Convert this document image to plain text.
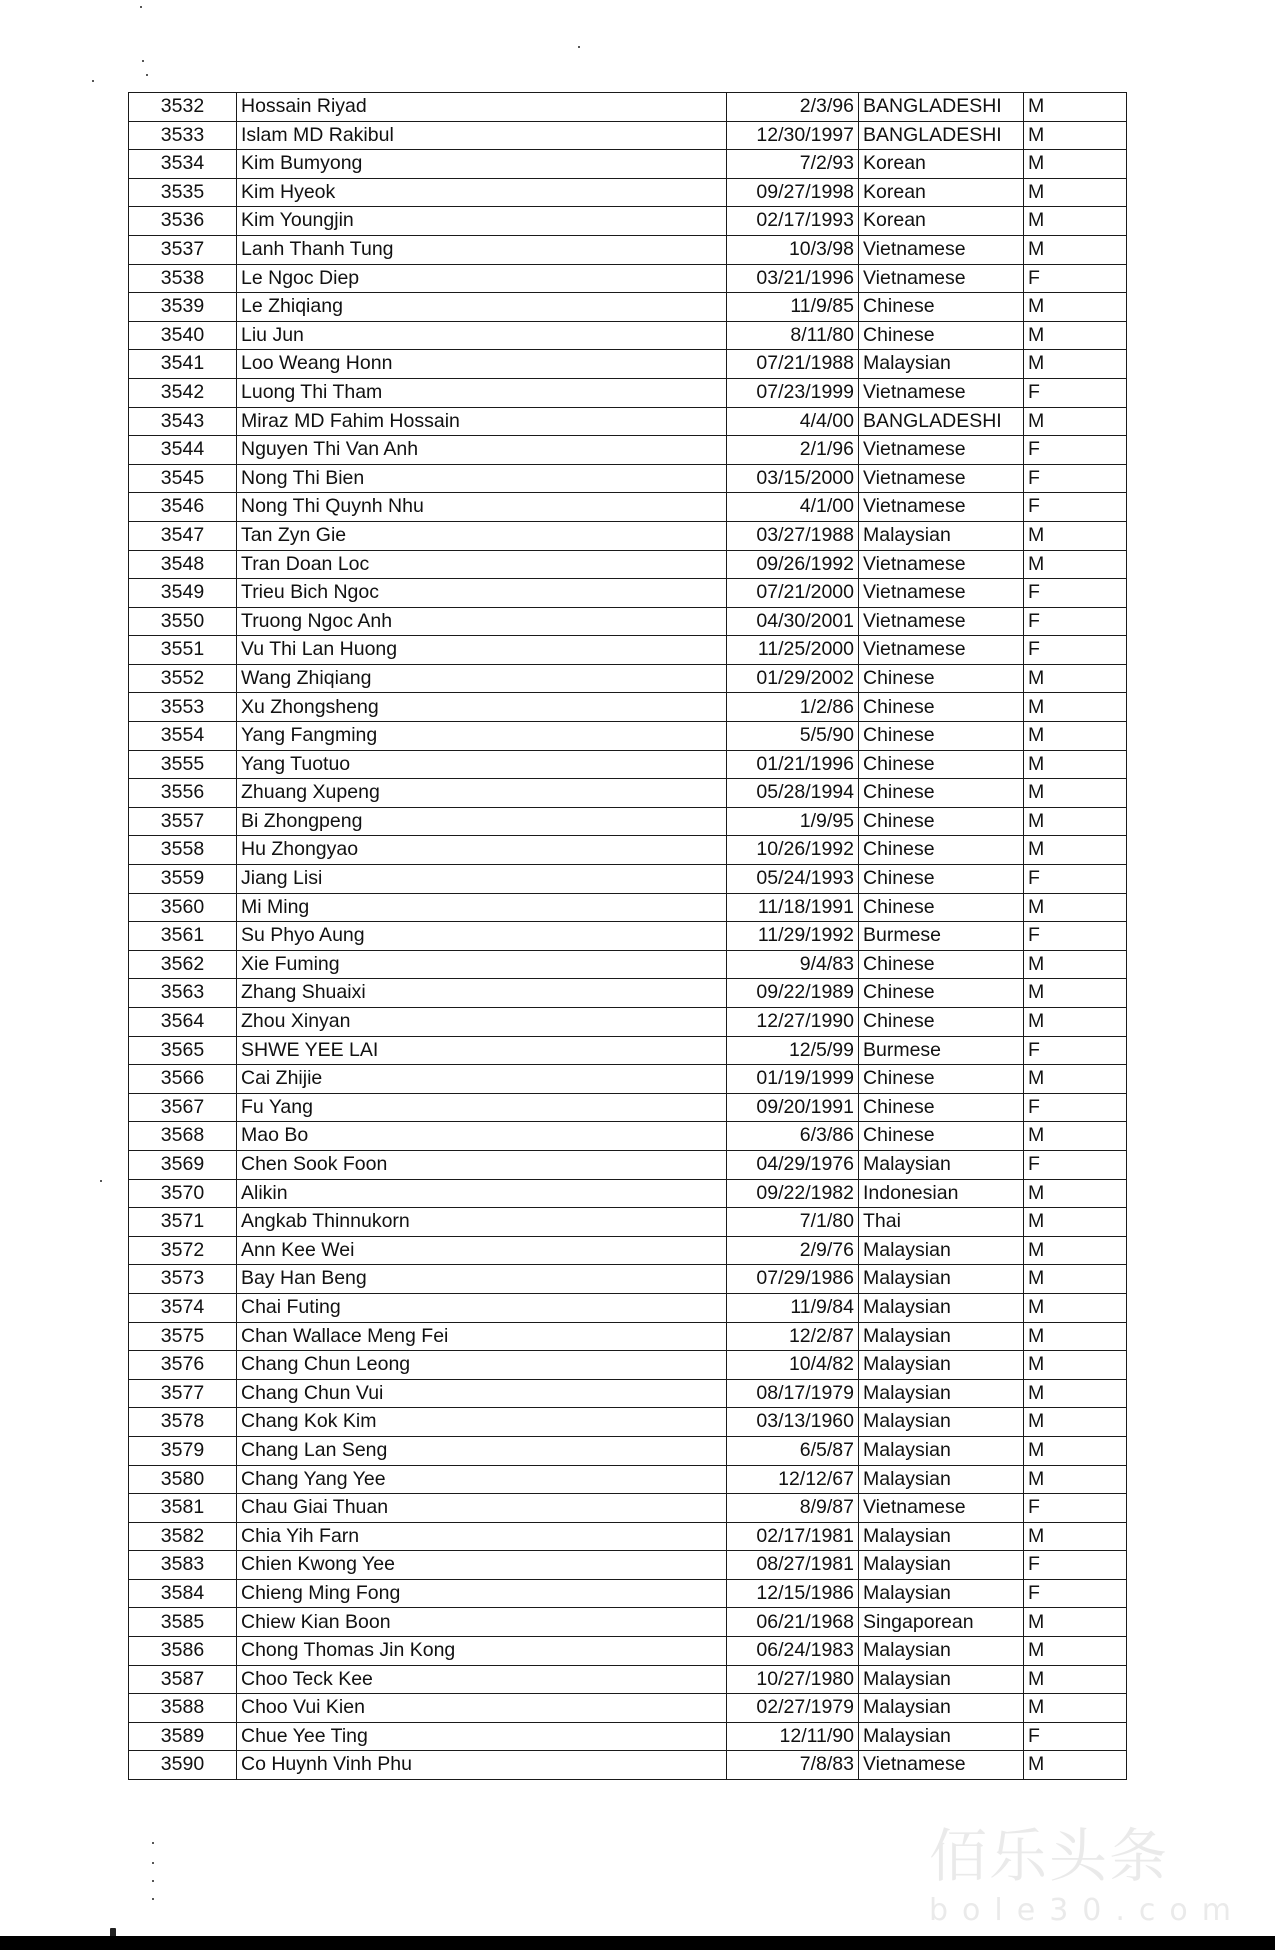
3532	Hossain Riyad	2/3/96	BANGLADESHI	M
3533	Islam MD Rakibul	12/30/1997	BANGLADESHI	M
3534	Kim Bumyong	7/2/93	Korean	M
3535	Kim Hyeok	09/27/1998	Korean	M
3536	Kim Youngjin	02/17/1993	Korean	M
3537	Lanh Thanh Tung	10/3/98	Vietnamese	M
3538	Le Ngoc Diep	03/21/1996	Vietnamese	F
3539	Le Zhiqiang	11/9/85	Chinese	M
3540	Liu Jun	8/11/80	Chinese	M
3541	Loo Weang Honn	07/21/1988	Malaysian	M
3542	Luong Thi Tham	07/23/1999	Vietnamese	F
3543	Miraz MD Fahim Hossain	4/4/00	BANGLADESHI	M
3544	Nguyen Thi Van Anh	2/1/96	Vietnamese	F
3545	Nong Thi Bien	03/15/2000	Vietnamese	F
3546	Nong Thi Quynh Nhu	4/1/00	Vietnamese	F
3547	Tan Zyn Gie	03/27/1988	Malaysian	M
3548	Tran Doan Loc	09/26/1992	Vietnamese	M
3549	Trieu Bich Ngoc	07/21/2000	Vietnamese	F
3550	Truong Ngoc Anh	04/30/2001	Vietnamese	F
3551	Vu Thi Lan Huong	11/25/2000	Vietnamese	F
3552	Wang Zhiqiang	01/29/2002	Chinese	M
3553	Xu Zhongsheng	1/2/86	Chinese	M
3554	Yang Fangming	5/5/90	Chinese	M
3555	Yang Tuotuo	01/21/1996	Chinese	M
3556	Zhuang Xupeng	05/28/1994	Chinese	M
3557	Bi Zhongpeng	1/9/95	Chinese	M
3558	Hu Zhongyao	10/26/1992	Chinese	M
3559	Jiang Lisi	05/24/1993	Chinese	F
3560	Mi Ming	11/18/1991	Chinese	M
3561	Su Phyo Aung	11/29/1992	Burmese	F
3562	Xie Fuming	9/4/83	Chinese	M
3563	Zhang Shuaixi	09/22/1989	Chinese	M
3564	Zhou Xinyan	12/27/1990	Chinese	M
3565	SHWE YEE LAI	12/5/99	Burmese	F
3566	Cai Zhijie	01/19/1999	Chinese	M
3567	Fu Yang	09/20/1991	Chinese	F
3568	Mao Bo	6/3/86	Chinese	M
3569	Chen Sook Foon	04/29/1976	Malaysian	F
3570	Alikin	09/22/1982	Indonesian	M
3571	Angkab Thinnukorn	7/1/80	Thai	M
3572	Ann Kee Wei	2/9/76	Malaysian	M
3573	Bay Han Beng	07/29/1986	Malaysian	M
3574	Chai Futing	11/9/84	Malaysian	M
3575	Chan Wallace Meng Fei	12/2/87	Malaysian	M
3576	Chang Chun Leong	10/4/82	Malaysian	M
3577	Chang Chun Vui	08/17/1979	Malaysian	M
3578	Chang Kok Kim	03/13/1960	Malaysian	M
3579	Chang Lan Seng	6/5/87	Malaysian	M
3580	Chang Yang Yee	12/12/67	Malaysian	M
3581	Chau Giai Thuan	8/9/87	Vietnamese	F
3582	Chia Yih Farn	02/17/1981	Malaysian	M
3583	Chien Kwong Yee	08/27/1981	Malaysian	F
3584	Chieng Ming Fong	12/15/1986	Malaysian	F
3585	Chiew Kian Boon	06/21/1968	Singaporean	M
3586	Chong Thomas Jin Kong	06/24/1983	Malaysian	M
3587	Choo Teck Kee	10/27/1980	Malaysian	M
3588	Choo Vui Kien	02/27/1979	Malaysian	M
3589	Chue Yee Ting	12/11/90	Malaysian	F
3590	Co Huynh Vinh Phu	7/8/83	Vietnamese	M
佰乐头条
bole30.com
